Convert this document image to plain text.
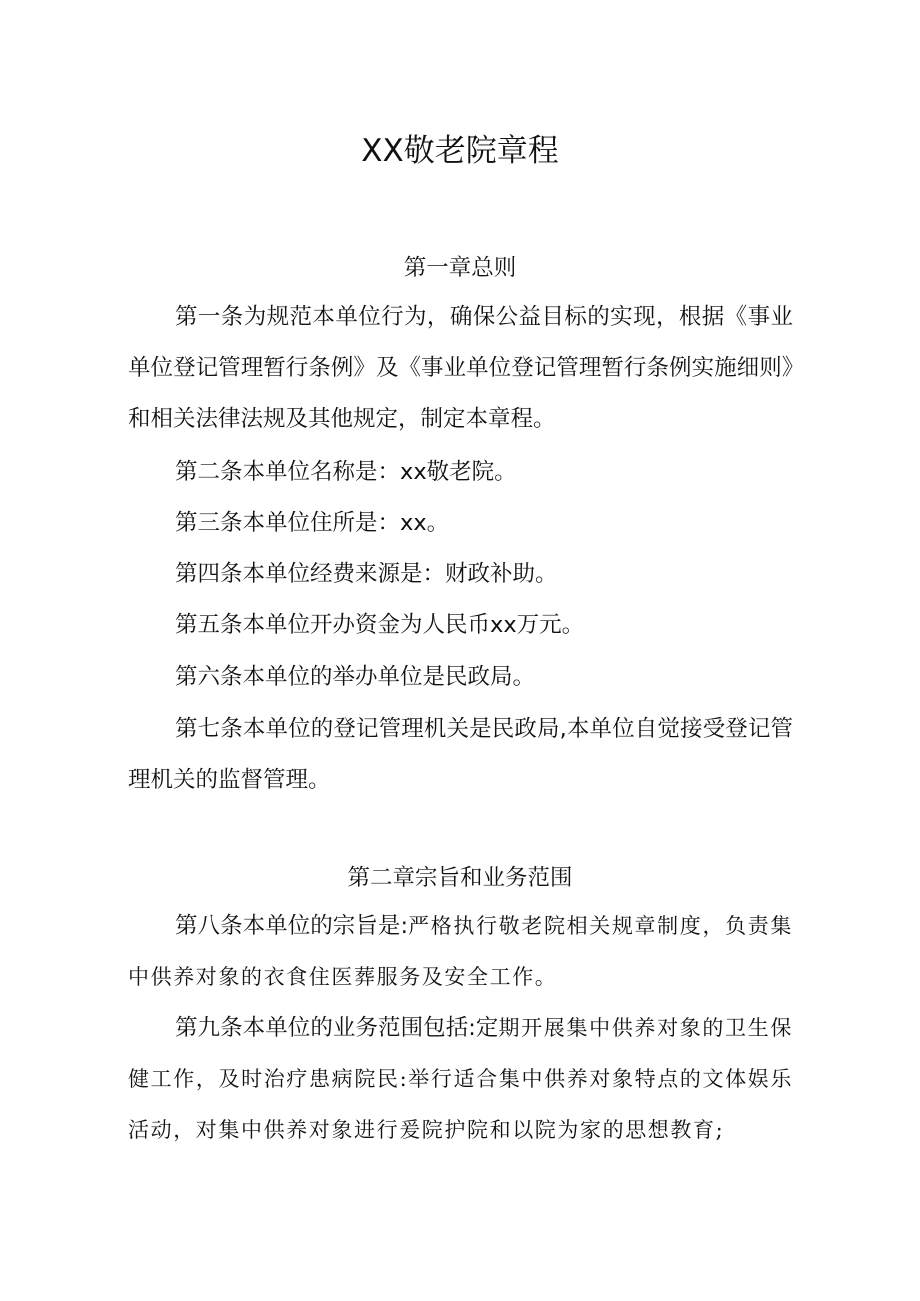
XX敬老院章程
第一章总则

第一条为规范本单位行为，确保公益目标的实现，根据《事业单位登记管理暂行条例》及《事业单位登记管理暂行条例实施细则》和相关法律法规及其他规定，制定本章程。

第二条本单位名称是：xx敬老院。

第三条本单位住所是：xx。

第四条本单位经费来源是：财政补助。

第五条本单位开办资金为人民币xx万元。

第六条本单位的举办单位是民政局。

第七条本单位的登记管理机关是民政局,本单位自觉接受登记管理机关的监督管理。

第二章宗旨和业务范围

第八条本单位的宗旨是:严格执行敬老院相关规章制度，负责集中供养对象的衣食住医葬服务及安全工作。

第九条本单位的业务范围包括:定期开展集中供养对象的卫生保健工作，及时治疗患病院民:举行适合集中供养对象特点的文体娱乐活动，对集中供养对象进行爰院护院和以院为家的思想教育;
